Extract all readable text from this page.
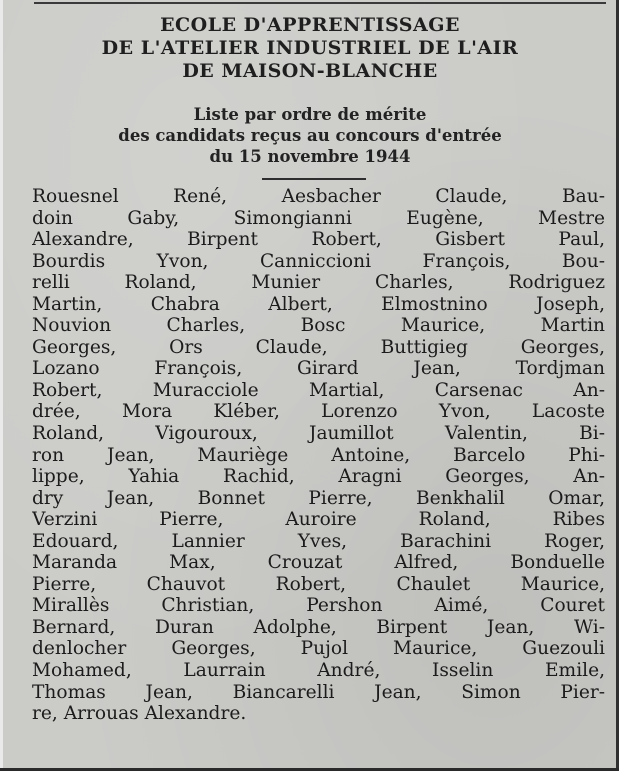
ECOLE D'APPRENTISSAGE
DE L'ATELIER INDUSTRIEL DE L'AIR
DE MAISON-BLANCHE
Liste par ordre de mérite
des candidats reçus au concours d'entrée
du 15 novembre 1944

Rouesnel René, Aesbacher Claude, Bau-
doin Gaby, Simongianni Eugène, Mestre
Alexandre, Birpent Robert, Gisbert Paul,
Bourdis Yvon, Canniccioni François, Bou-
relli Roland, Munier Charles, Rodriguez
Martin, Chabra Albert, Elmostnino Joseph,
Nouvion Charles, Bosc Maurice, Martin
Georges, Ors Claude, Buttigieg Georges,
Lozano François, Girard Jean, Tordjman
Robert, Muracciole Martial, Carsenac An-
drée, Mora Kléber, Lorenzo Yvon, Lacoste
Roland, Vigouroux, Jaumillot Valentin, Bi-
ron Jean, Mauriège Antoine, Barcelo Phi-
lippe, Yahia Rachid, Aragni Georges, An-
dry Jean, Bonnet Pierre, Benkhalil Omar,
Verzini Pierre, Auroire Roland, Ribes
Edouard, Lannier Yves, Barachini Roger,
Maranda Max, Crouzat Alfred, Bonduelle
Pierre, Chauvot Robert, Chaulet Maurice,
Mirallès Christian, Pershon Aimé, Couret
Bernard, Duran Adolphe, Birpent Jean, Wi-
denlocher Georges, Pujol Maurice, Guezouli
Mohamed, Laurrain André, Isselin Emile,
Thomas Jean, Biancarelli Jean, Simon Pier-
re, Arrouas Alexandre.
